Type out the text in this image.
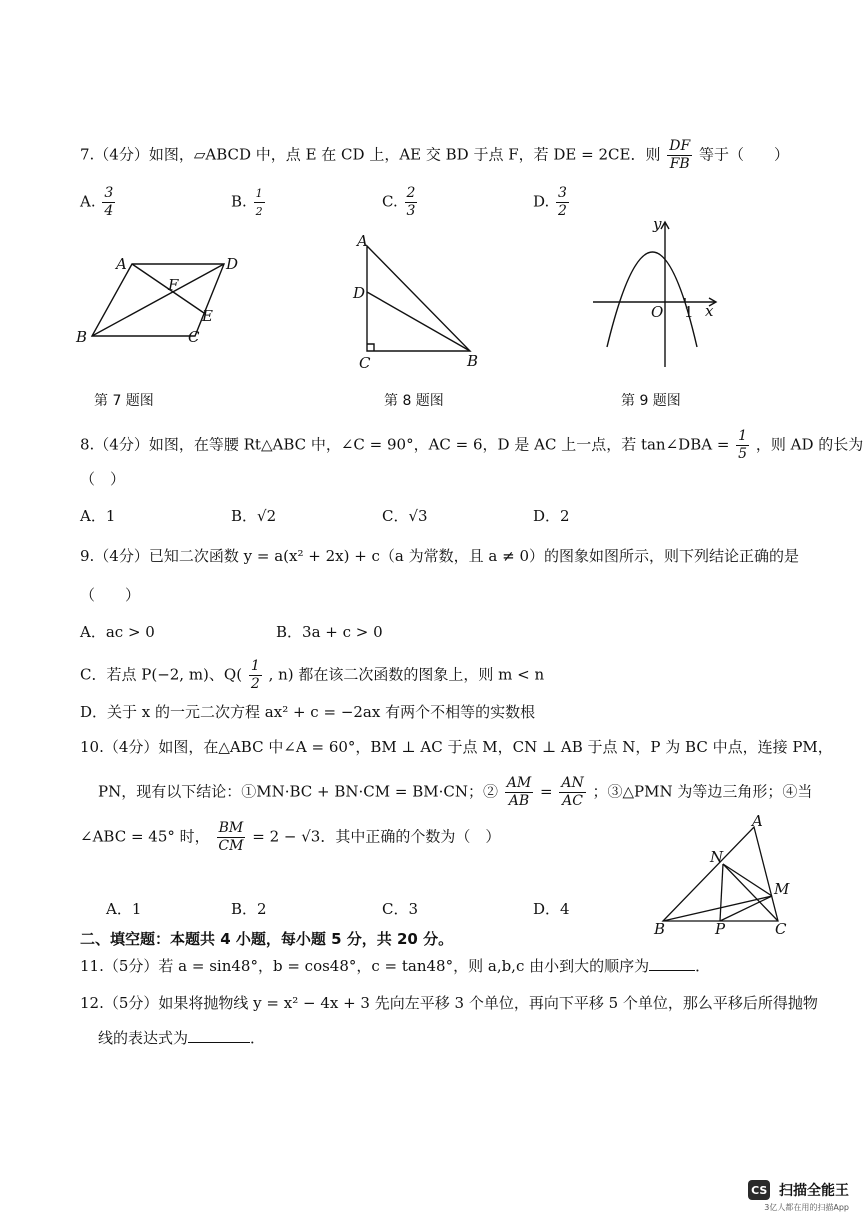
7.（4分）如图，▱ABCD 中，点 E 在 CD 上，AE 交 BD 于点 F，若 DE = 2CE．则 $\frac{DF}{FB}$ 等于（　　）
A. $\frac{3}{4}$	B. $\frac{1}{2}$	C. $\frac{2}{3}$	D. $\frac{3}{2}$
A	D
B	C
E
F
A
D
C	B
y
x
O 1
第 7 题图	第 8 题图	第 9 题图
8.（4分）如图，在等腰 Rt△ABC 中，∠C = 90°，AC = 6，D 是 AC 上一点，若 tan∠DBA = $\frac{1}{5}$ ，则 AD 的长为
（　）
A．1	B．√2	C．√3	D．2
9.（4分）已知二次函数 y = a(x² + 2x) + c（a 为常数，且 a ≠ 0）的图象如图所示，则下列结论正确的是
（　　）
A．ac > 0	B．3a + c > 0
C．若点 P(−2, m)、$Q( \frac{1}{2}$ , n) 都在该二次函数的图象上，则 m < n
D．关于 x 的一元二次方程 ax² + c = −2ax 有两个不相等的实数根
10.（4分）如图，在△ABC 中∠A = 60°，BM ⊥ AC 于点 M，CN ⊥ AB 于点 N，P 为 BC 中点，连接 PM，
PN，现有以下结论：①MN·BC + BN·CM = BM·CN；② $\frac{AM}{AB} = \frac{AN}{AC}$ ；③△PMN 为等边三角形；④当
∠ABC = 45° 时， $\frac{BM}{CM} = 2 - √3$．其中正确的个数为（　）
A．1	B．2	C．3	D．4
A
N
M
B	P	C
二、填空题：本题共 4 小题，每小题 5 分，共 20 分。
11.（5分）若 a = sin48°，b = cos48°，c = tan48°，则 a,b,c 由小到大的顺序为	．
12.（5分）如果将抛物线 y = x² − 4x + 3 先向左平移 3 个单位，再向下平移 5 个单位，那么平移后所得抛物
线的表达式为	．
CS 扫描全能王
3亿人都在用的扫描App
